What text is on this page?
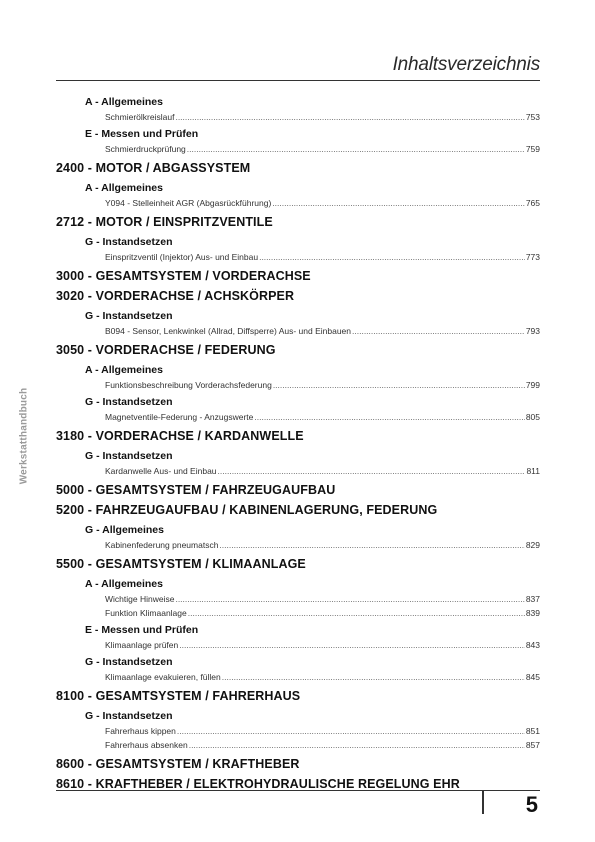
Inhaltsverzeichnis
Werkstatthandbuch
A - Allgemeines
Schmierölkreislauf .....	753
E - Messen und Prüfen
Schmierdruckprüfung .....	759
2400 - MOTOR / ABGASSYSTEM
A - Allgemeines
Y094 - Stelleinheit AGR (Abgasrückführung) .....	765
2712 - MOTOR / EINSPRITZVENTILE
G - Instandsetzen
Einspritzventil (Injektor) Aus- und Einbau .....	773
3000 - GESAMTSYSTEM / VORDERACHSE
3020 - VORDERACHSE / ACHSKÖRPER
G - Instandsetzen
B094 - Sensor, Lenkwinkel (Allrad, Diffsperre) Aus- und Einbauen .....	793
3050 - VORDERACHSE / FEDERUNG
A - Allgemeines
Funktionsbeschreibung Vorderachsfederung .....	799
G - Instandsetzen
Magnetventile-Federung - Anzugswerte .....	805
3180 - VORDERACHSE / KARDANWELLE
G - Instandsetzen
Kardanwelle Aus- und Einbau .....	811
5000 - GESAMTSYSTEM / FAHRZEUGAUFBAU
5200 - FAHRZEUGAUFBAU / KABINENLAGERUNG, FEDERUNG
G - Allgemeines
Kabinenfederung pneumatsch .....	829
5500 - GESAMTSYSTEM / KLIMAANLAGE
A - Allgemeines
Wichtige Hinweise .....	837
Funktion Klimaanlage .....	839
E - Messen und Prüfen
Klimaanlage prüfen .....	843
G - Instandsetzen
Klimaanlage evakuieren, füllen .....	845
8100 - GESAMTSYSTEM / FAHRERHAUS
G - Instandsetzen
Fahrerhaus kippen .....	851
Fahrerhaus absenken .....	857
8600 - GESAMTSYSTEM / KRAFTHEBER
8610 - KRAFTHEBER / ELEKTROHYDRAULISCHE REGELUNG EHR
5
